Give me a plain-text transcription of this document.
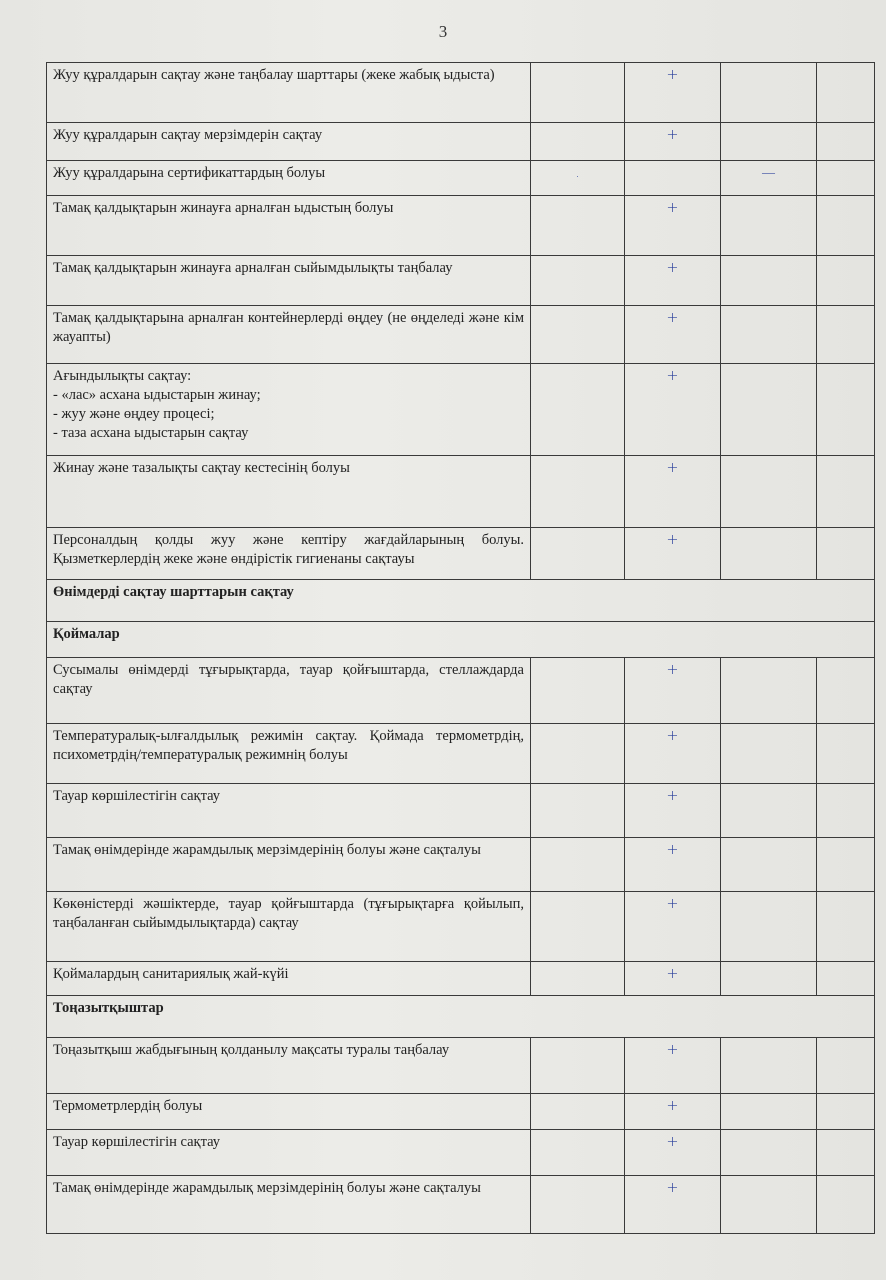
3
Жуу құралдарын сақтау және таңбалау шарттары (жеке жабық ыдыста)		+		
Жуу құралдарын сақтау мерзімдерін сақтау		+		
Жуу құралдарына сертификаттардың болуы	.		—	
Тамақ қалдықтарын жинауға арналған ыдыстың болуы		+		
Тамақ қалдықтарын жинауға арналған сыйымдылықты таңбалау		+		
Тамақ қалдықтарына арналған контейнерлерді өңдеу (не өңделеді және кім жауапты)		+		
Ағындылықты сақтау:
- «лас» асхана ыдыстарын жинау;
- жуу және өңдеу процесі;
- таза асхана ыдыстарын сақтау		+		
Жинау және тазалықты сақтау кестесінің болуы		+		
Персоналдың қолды жуу және кептіру жағдайларының болуы. Қызметкерлердің жеке және өндірістік гигиенаны сақтауы		+		
Өнімдерді сақтау шарттарын сақтау				
Қоймалар				
Сусымалы өнімдерді тұғырықтарда, тауар қойғыштарда, стеллаждарда сақтау		+		
Температуралық-ылғалдылық режимін сақтау. Қоймада термометрдің, психометрдің/температуралық режимнің болуы		+		
Тауар көршілестігін сақтау		+		
Тамақ өнімдерінде жарамдылық мерзімдерінің болуы және сақталуы		+		
Көкөністерді жәшіктерде, тауар қойғыштарда (тұғырықтарға қойылып, таңбаланған сыйымдылықтарда) сақтау		+		
Қоймалардың санитариялық жай-күйі		+		
Тоңазытқыштар				
Тоңазытқыш жабдығының қолданылу мақсаты туралы таңбалау		+		
Термометрлердің болуы		+		
Тауар көршілестігін сақтау		+		
Тамақ өнімдерінде жарамдылық мерзімдерінің болуы және сақталуы		+		
